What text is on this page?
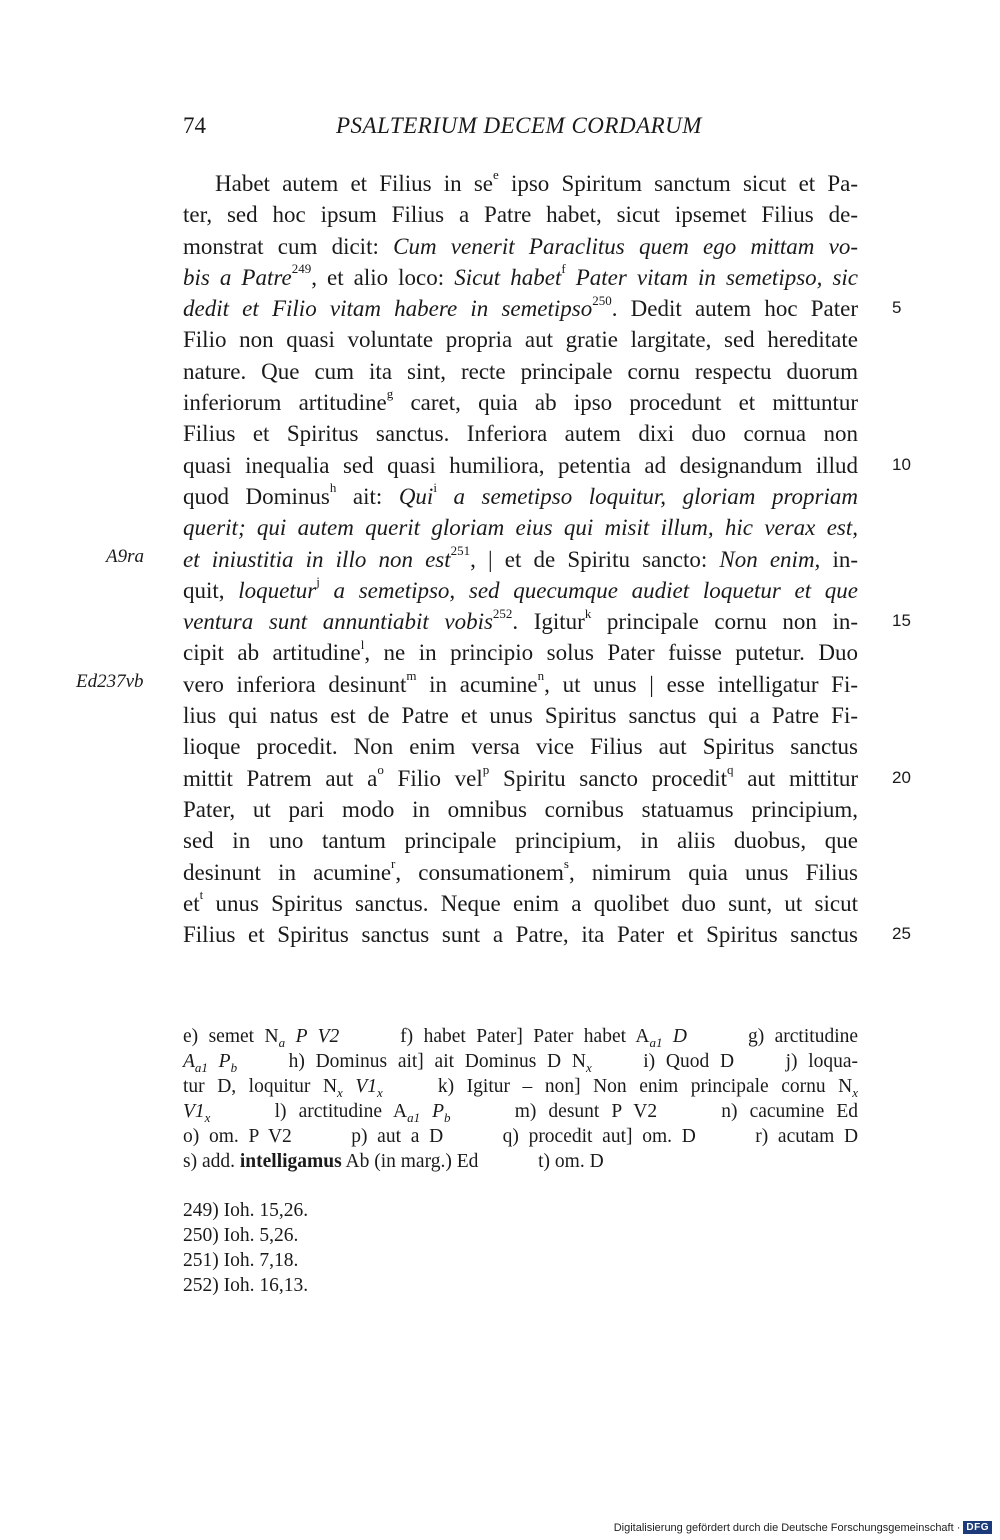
74	PSALTERIUM DECEM CORDARUM
Habet autem et Filius in $se^e$ ipso Spiritum sanctum sicut et Pa-
ter, sed hoc ipsum Filius a Patre habet, sicut ipsemet Filius de-
monstrat cum dicit: Cum venerit Paraclitus quem ego mittam vo-
bis a Patre$^{249}$, et alio loco: Sicut habet$^f$ Pater vitam in semetipso, sic
dedit et Filio vitam habere in semetipso$^{250}$. Dedit autem hoc Pater
Filio non quasi voluntate propria aut gratie largitate, sed hereditate
nature. Que cum ita sint, recte principale cornu respectu duorum
inferiorum artitudine$^g$ caret, quia ab ipso procedunt et mittuntur
Filius et Spiritus sanctus. Inferiora autem dixi duo cornua non
quasi inequalia sed quasi humiliora, petentia ad designandum illud
quod Dominus$^h$ ait: Qui$^i$ a semetipso loquitur, gloriam propriam
querit; qui autem querit gloriam eius qui misit illum, hic verax est,
et iniustitia in illo non est$^{251}$, | et de Spiritu sancto: Non enim, in-
quit, loquetur$^j$ a semetipso, sed quecumque audiet loquetur et que
ventura sunt annuntiabit vobis$^{252}$. Igitur$^k$ principale cornu non in-
cipit ab artitudine$^l$, ne in principio solus Pater fuisse putetur. Duo
vero inferiora desinunt$^m$ in acumine$^n$, ut unus | esse intelligatur Fi-
lius qui natus est de Patre et unus Spiritus sanctus qui a Patre Fi-
lioque procedit. Non enim versa vice Filius aut Spiritus sanctus
mittit Patrem aut $a^o$ Filio vel$^p$ Spiritu sancto procedit$^q$ aut mittitur
Pater, ut pari modo in omnibus cornibus statuamus principium,
sed in uno tantum principale principium, in aliis duobus, que
desinunt in acumine$^r$, consumationem$^s$, nimirum quia unus Filius
$et^t$ unus Spiritus sanctus. Neque enim a quolibet duo sunt, ut sicut
Filius et Spiritus sanctus sunt a Patre, ita Pater et Spiritus sanctus
A9ra
Ed237vb
5
10
15
20
25
e) semet $N_a$ P V2	f) habet Pater] Pater habet $A_{a1}$ D	g) arctitudine
$A_{a1}$ $P_b$	h) Dominus ait] ait Dominus D $N_x$	i) Quod D	j) loqua-
tur D, loquitur $N_x$ $V1_x$	k) Igitur – non] Non enim principale cornu $N_x$
$V1_x$	l) arctitudine $A_{a1}$ $P_b$	m) desunt P V2	n) cacumine Ed
o) om. P V2	p) aut a D	q) procedit aut] om. D	r) acutam D
s) add. intelligamus Ab (in marg.) Ed	t) om. D
249) Ioh. 15,26.
250) Ioh. 5,26.
251) Ioh. 7,18.
252) Ioh. 16,13.
Digitalisierung gefördert durch die Deutsche Forschungsgemeinschaft · DFG
